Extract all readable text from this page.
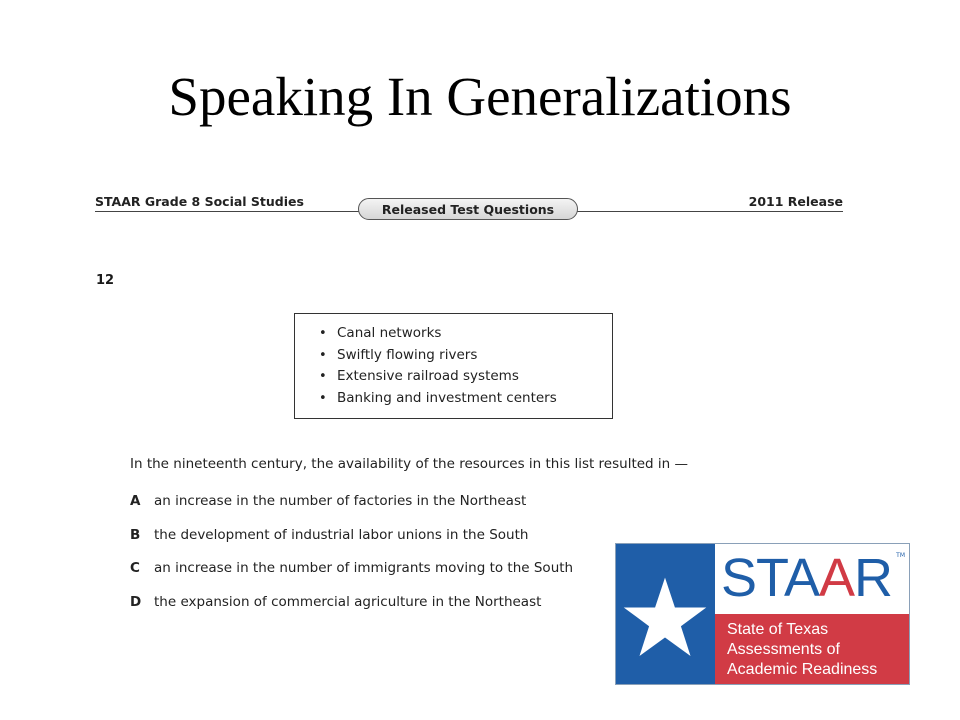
Speaking In Generalizations
STAAR Grade 8 Social Studies
Released Test Questions
2011 Release
12
• Canal networks
• Swiftly flowing rivers
• Extensive railroad systems
• Banking and investment centers
In the nineteenth century, the availability of the resources in this list resulted in —
A an increase in the number of factories in the Northeast
B the development of industrial labor unions in the South
C an increase in the number of immigrants moving to the South
D the expansion of commercial agriculture in the Northeast	STAAR TM
State of Texas
Assessments of
Academic Readiness
